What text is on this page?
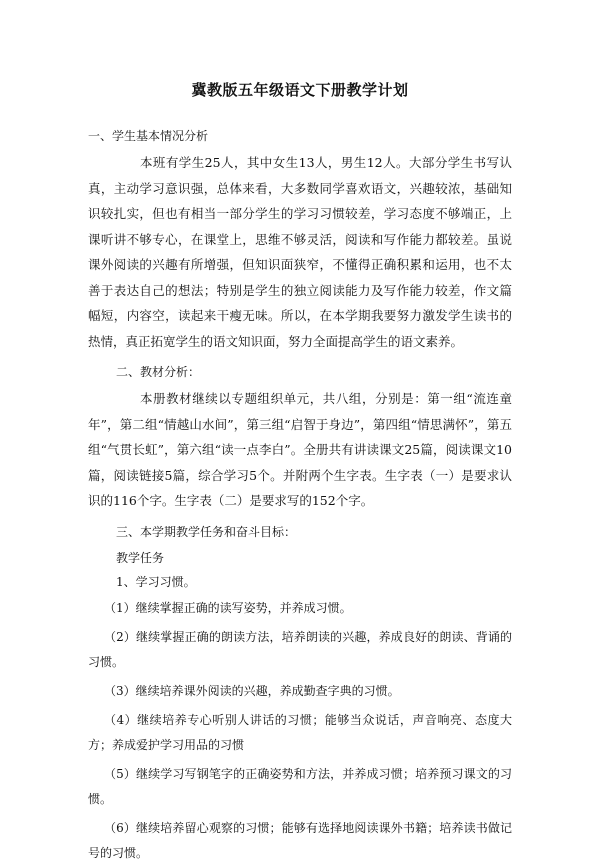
冀教版五年级语文下册教学计划

一、学生基本情况分析

本班有学生25人，其中女生13人，男生12人。大部分学生书写认真，主动学习意识强，总体来看，大多数同学喜欢语文，兴趣较浓，基础知识较扎实，但也有相当一部分学生的学习习惯较差，学习态度不够端正，上课听讲不够专心，在课堂上，思维不够灵活，阅读和写作能力都较差。虽说课外阅读的兴趣有所增强，但知识面狭窄，不懂得正确积累和运用，也不太善于表达自己的想法；特别是学生的独立阅读能力及写作能力较差，作文篇幅短，内容空，读起来干瘦无味。所以，在本学期我要努力激发学生读书的热情，真正拓宽学生的语文知识面，努力全面提高学生的语文素养。

二、教材分析：

本册教材继续以专题组织单元，共八组，分别是：第一组“流连童年”，第二组“情越山水间”，第三组“启智于身边”，第四组“情思满怀”，第五组“气贯长虹”，第六组“读一点李白”。全册共有讲读课文25篇，阅读课文10篇，阅读链接5篇，综合学习5个。并附两个生字表。生字表（一）是要求认识的116个字。生字表（二）是要求写的152个字。

三、本学期教学任务和奋斗目标：

教学任务

1、学习习惯。

（1）继续掌握正确的读写姿势，并养成习惯。

（2）继续掌握正确的朗读方法，培养朗读的兴趣，养成良好的朗读、背诵的习惯。

（3）继续培养课外阅读的兴趣，养成勤查字典的习惯。

（4）继续培养专心听别人讲话的习惯；能够当众说话，声音响亮、态度大方；养成爱护学习用品的习惯

（5）继续学习写钢笔字的正确姿势和方法，并养成习惯；培养预习课文的习惯。

（6）继续培养留心观察的习惯；能够有选择地阅读课外书籍；培养读书做记号的习惯。
